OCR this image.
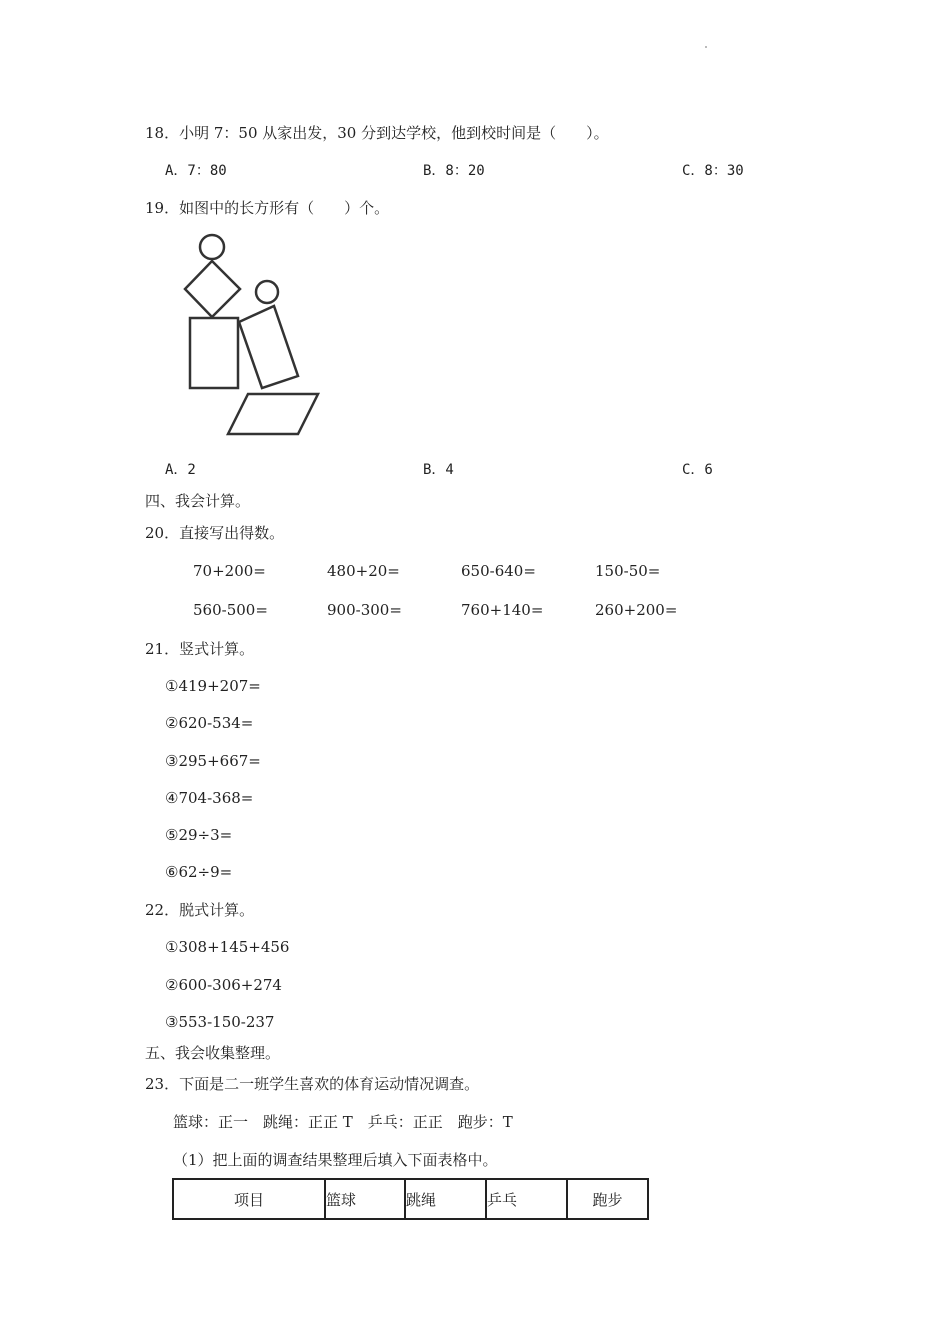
18．小明 7：50 从家出发，30 分到达学校，他到校时间是（　　）。
A．7：80	B．8：20	C．8：30
19．如图中的长方形有（　　）个。
A．2	B．4	C．6
四、我会计算。
20．直接写出得数。
70+200=	480+20=	650-640=	150-50=
560-500=	900-300=	760+140=	260+200=
21．竖式计算。
①419+207=
②620-534=
③295+667=
④704-368=
⑤29÷3=
⑥62÷9=
22．脱式计算。
①308+145+456
②600-306+274
③553-150-237
五、我会收集整理。
23．下面是二一班学生喜欢的体育运动情况调查。
篮球：正一　跳绳：正正 T　乒乓：正正　跑步：T
（1）把上面的调查结果整理后填入下面表格中。
项目	篮球	跳绳	乒乓	跑步
